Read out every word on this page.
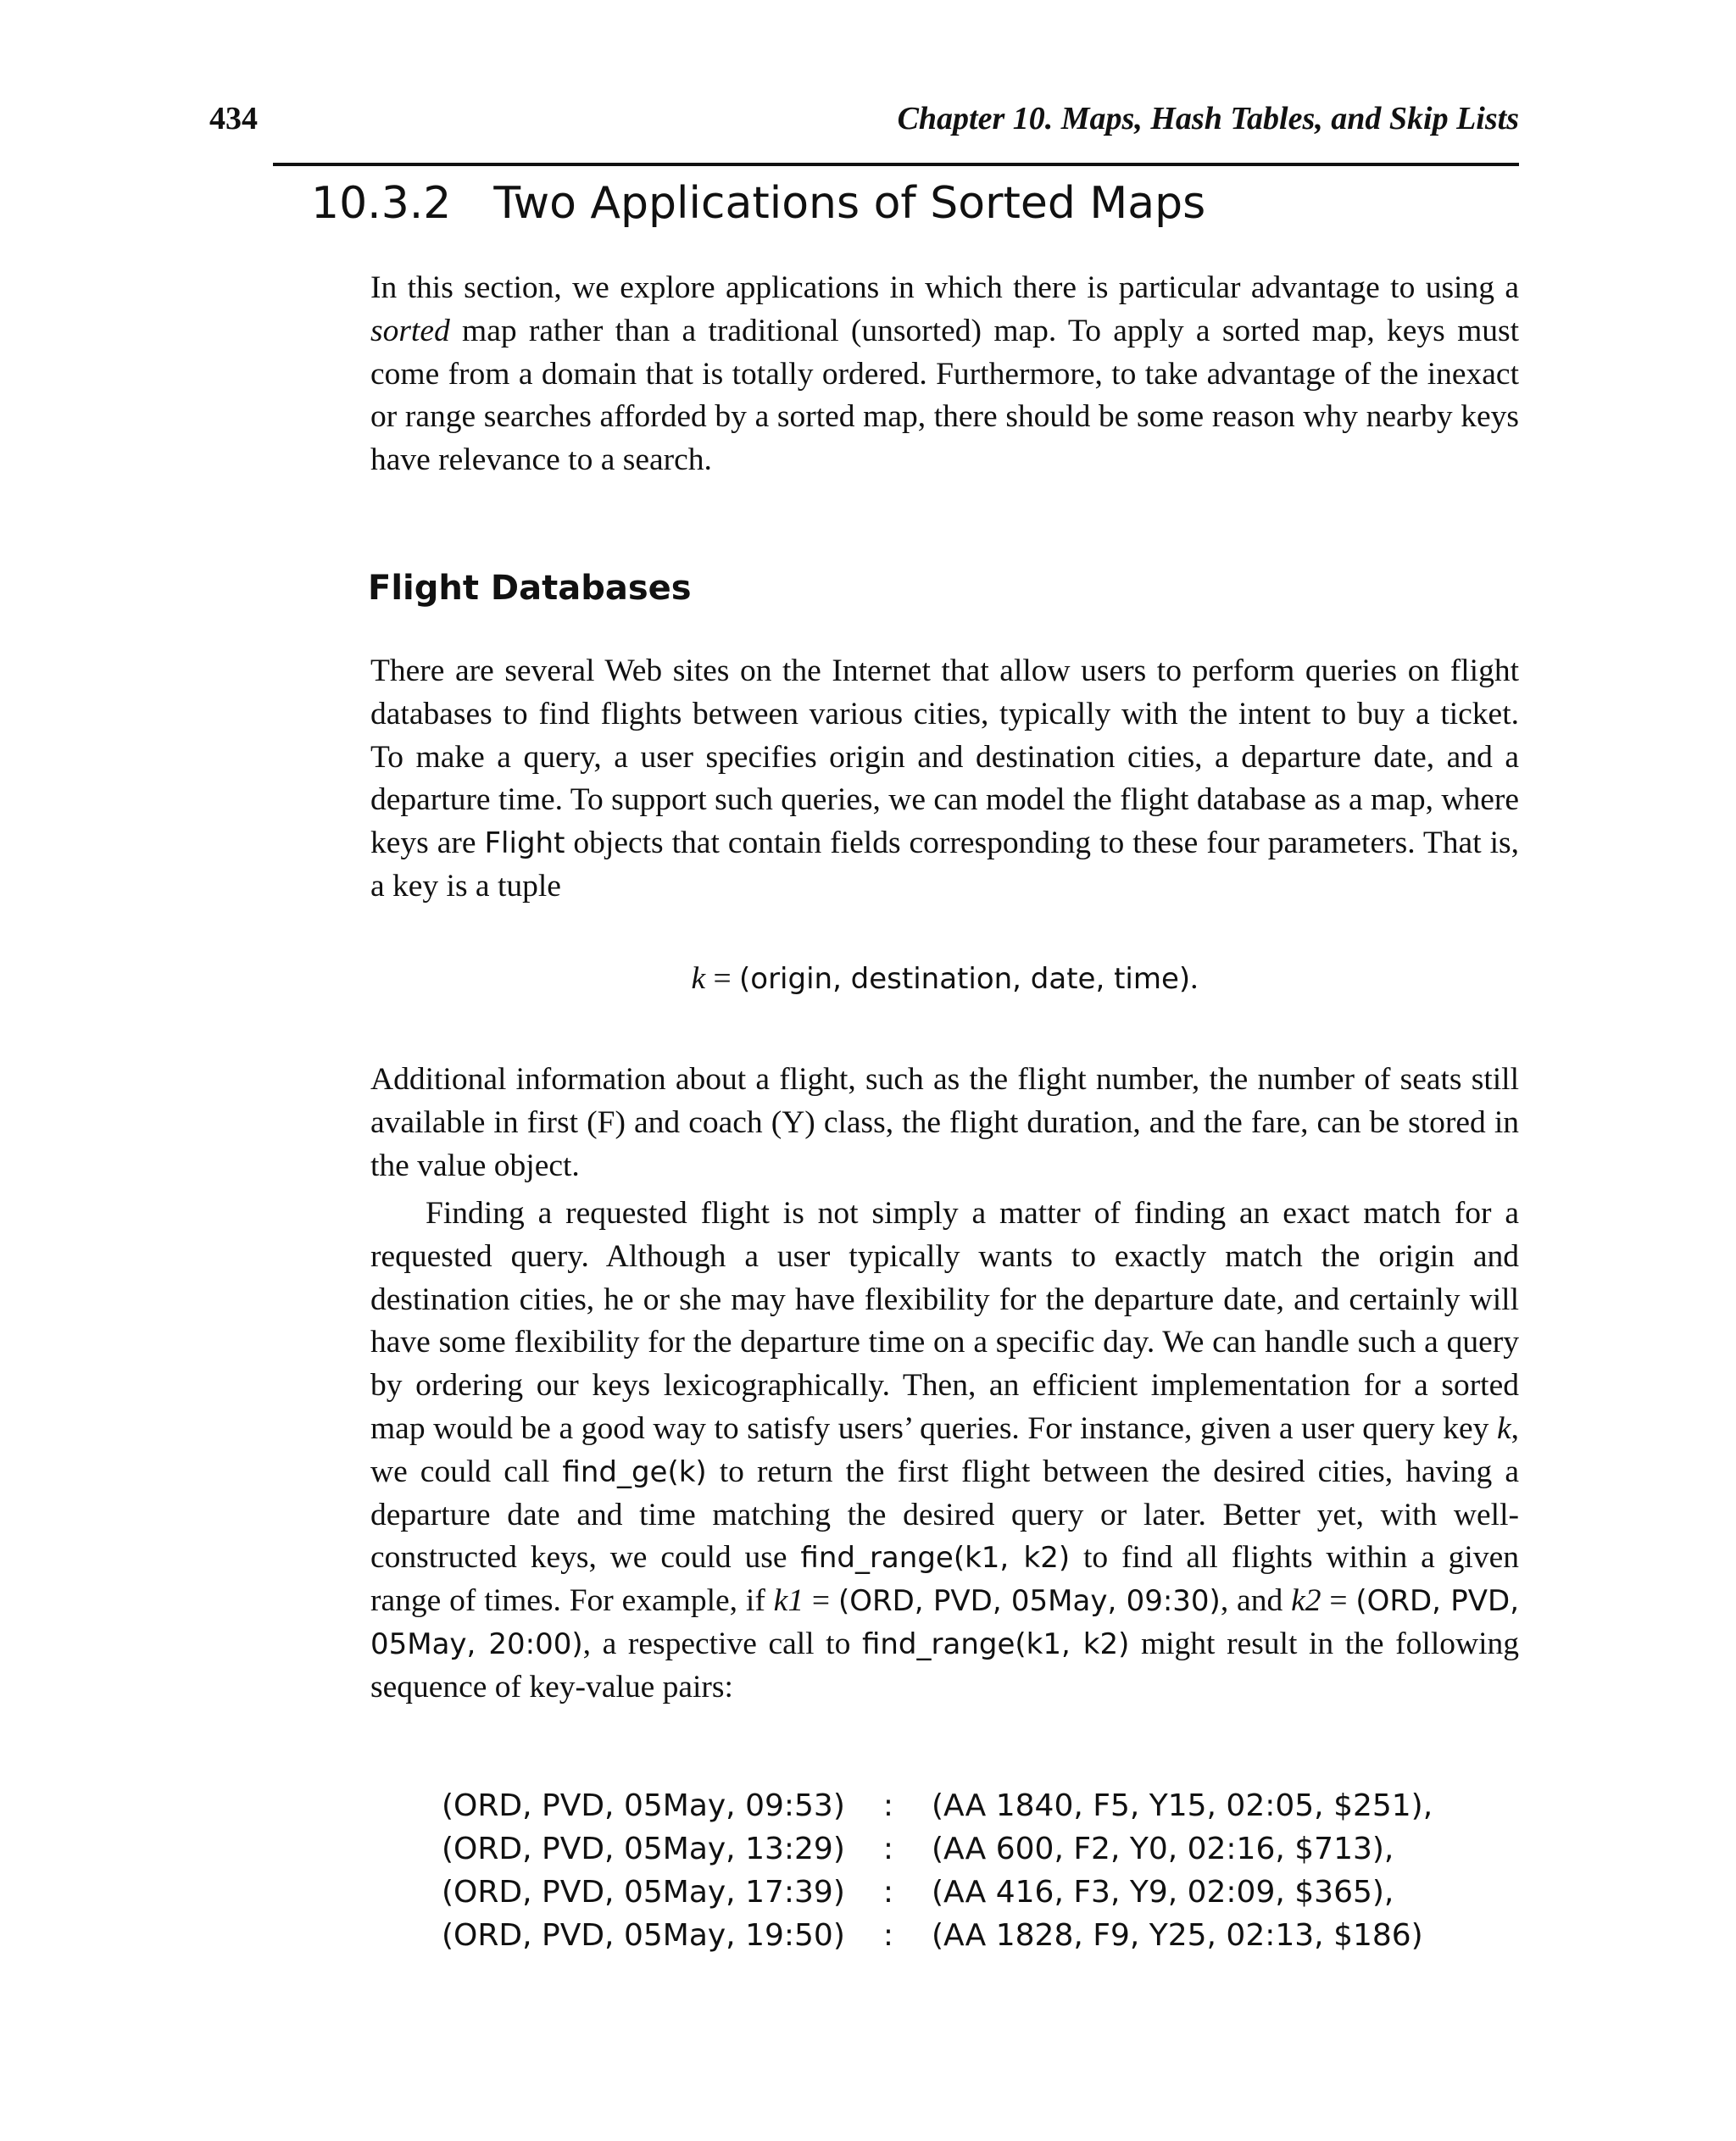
434	Chapter 10. Maps, Hash Tables, and Skip Lists
10.3.2 Two Applications of Sorted Maps

In this section, we explore applications in which there is particular advantage to using a sorted map rather than a traditional (unsorted) map. To apply a sorted map, keys must come from a domain that is totally ordered. Furthermore, to take advantage of the inexact or range searches afforded by a sorted map, there should be some reason why nearby keys have relevance to a search.

Flight Databases

There are several Web sites on the Internet that allow users to perform queries on flight databases to find flights between various cities, typically with the intent to buy a ticket. To make a query, a user specifies origin and destination cities, a departure date, and a departure time. To support such queries, we can model the flight database as a map, where keys are Flight objects that contain fields corresponding to these four parameters. That is, a key is a tuple

k = (origin, destination, date, time).

Additional information about a flight, such as the flight number, the number of seats still available in first (F) and coach (Y) class, the flight duration, and the fare, can be stored in the value object.

Finding a requested flight is not simply a matter of finding an exact match for a requested query. Although a user typically wants to exactly match the origin and destination cities, he or she may have flexibility for the departure date, and certainly will have some flexibility for the departure time on a specific day. We can handle such a query by ordering our keys lexicographically. Then, an efficient implementation for a sorted map would be a good way to satisfy users’ queries. For instance, given a user query key k, we could call find_ge(k) to return the first flight between the desired cities, having a departure date and time matching the desired query or later. Better yet, with well-constructed keys, we could use find_range(k1, k2) to find all flights within a given range of times. For example, if k1 = (ORD, PVD, 05May, 09:30), and k2 = (ORD, PVD, 05May, 20:00), a respective call to find_range(k1, k2) might result in the following sequence of key-value pairs:

(ORD, PVD, 05May, 09:53)	:	(AA 1840, F5, Y15, 02:05, $251),
(ORD, PVD, 05May, 13:29)	:	(AA 600, F2, Y0, 02:16, $713),
(ORD, PVD, 05May, 17:39)	:	(AA 416, F3, Y9, 02:09, $365),
(ORD, PVD, 05May, 19:50)	:	(AA 1828, F9, Y25, 02:13, $186)
